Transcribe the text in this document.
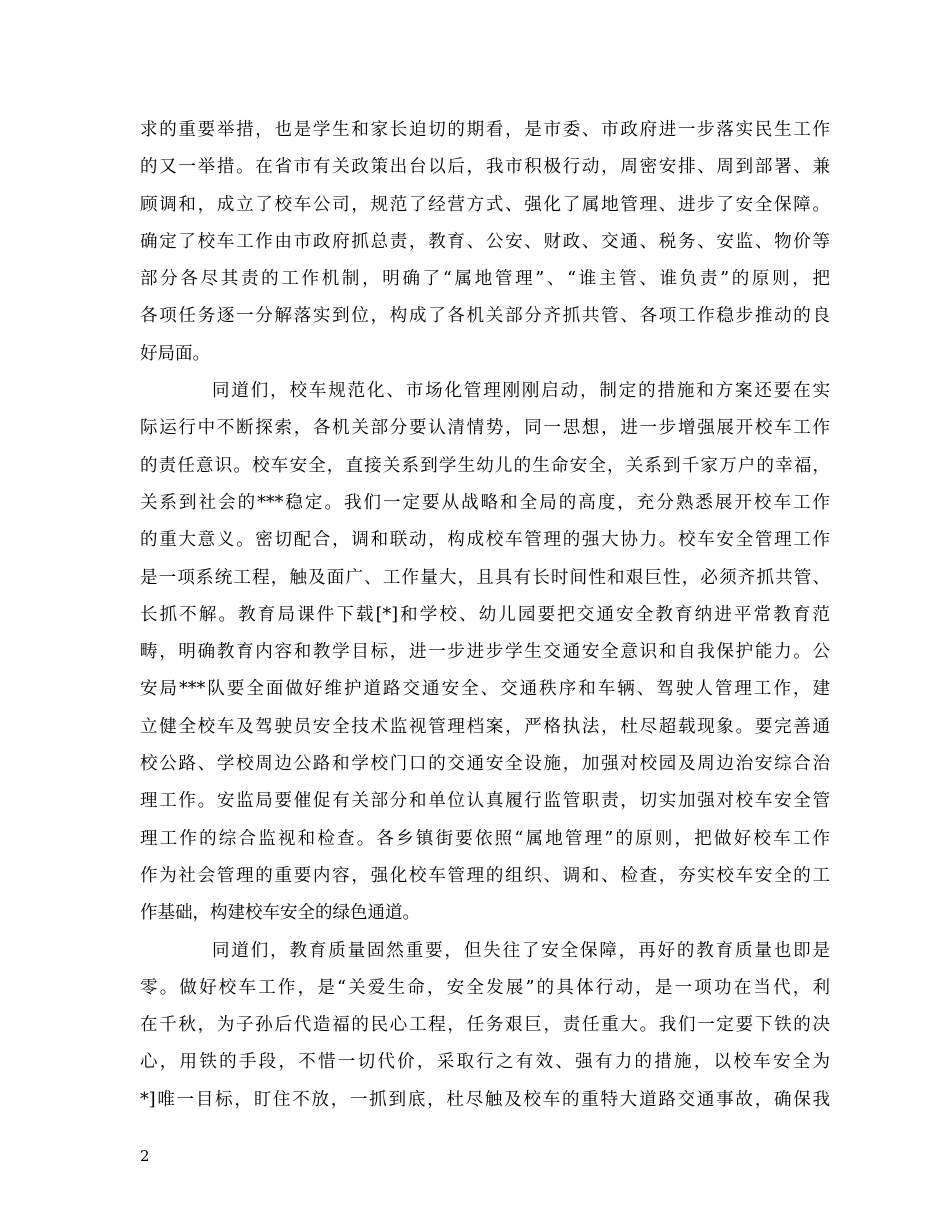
求的重要举措，也是学生和家长迫切的期看，是市委、市政府进一步落实民生工作
的又一举措。在省市有关政策出台以后，我市积极行动，周密安排、周到部署、兼
顾调和，成立了校车公司，规范了经营方式、强化了属地管理、进步了安全保障。
确定了校车工作由市政府抓总责，教育、公安、财政、交通、税务、安监、物价等
部分各尽其责的工作机制，明确了“属地管理”、“谁主管、谁负责”的原则，把
各项任务逐一分解落实到位，构成了各机关部分齐抓共管、各项工作稳步推动的良
好局面。

同道们，校车规范化、市场化管理刚刚启动，制定的措施和方案还要在实
际运行中不断探索，各机关部分要认清情势，同一思想，进一步增强展开校车工作
的责任意识。校车安全，直接关系到学生幼儿的生命安全，关系到千家万户的幸福，
关系到社会的***稳定。我们一定要从战略和全局的高度，充分熟悉展开校车工作
的重大意义。密切配合，调和联动，构成校车管理的强大协力。校车安全管理工作
是一项系统工程，触及面广、工作量大，且具有长时间性和艰巨性，必须齐抓共管、
长抓不解。教育局课件下载[*]和学校、幼儿园要把交通安全教育纳进平常教育范
畴，明确教育内容和教学目标，进一步进步学生交通安全意识和自我保护能力。公
安局***队要全面做好维护道路交通安全、交通秩序和车辆、驾驶人管理工作，建
立健全校车及驾驶员安全技术监视管理档案，严格执法，杜尽超载现象。要完善通
校公路、学校周边公路和学校门口的交通安全设施，加强对校园及周边治安综合治
理工作。安监局要催促有关部分和单位认真履行监管职责，切实加强对校车安全管
理工作的综合监视和检查。各乡镇街要依照“属地管理”的原则，把做好校车工作
作为社会管理的重要内容，强化校车管理的组织、调和、检查，夯实校车安全的工
作基础，构建校车安全的绿色通道。

同道们，教育质量固然重要，但失往了安全保障，再好的教育质量也即是
零。做好校车工作，是“关爱生命，安全发展”的具体行动，是一项功在当代，利
在千秋，为子孙后代造福的民心工程，任务艰巨，责任重大。我们一定要下铁的决
心，用铁的手段，不惜一切代价，采取行之有效、强有力的措施，以校车安全为
*]唯一目标，盯住不放，一抓到底，杜尽触及校车的重特大道路交通事故，确保我

2
